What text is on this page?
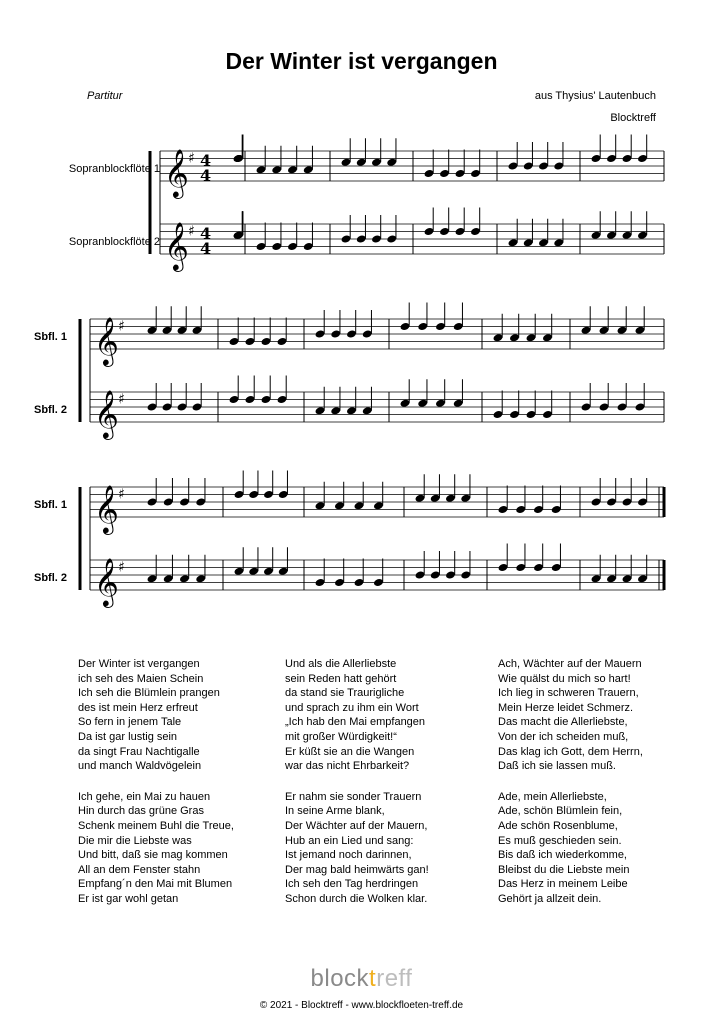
Der Winter ist vergangen
Partitur	aus Thysius' Lautenbuch
Blocktreff
Sopranblockflöte 1
Sopranblockflöte 2
Sbfl. 1
Sbfl. 2
Sbfl. 1
Sbfl. 2
𝄞 ♯ 4
4
𝄞 ♯ 4
4
𝄞 ♯
𝄞 ♯
𝄞 ♯
𝄞 ♯
Der Winter ist vergangen
ich seh des Maien Schein
Ich seh die Blümlein prangen
des ist mein Herz erfreut
So fern in jenem Tale
Da ist gar lustig sein
da singt Frau Nachtigalle
und manch Waldvögelein
Ich gehe, ein Mai zu hauen
Hin durch das grüne Gras
Schenk meinem Buhl die Treue,
Die mir die Liebste was
Und bitt, daß sie mag kommen
All an dem Fenster stahn
Empfang´n den Mai mit Blumen
Er ist gar wohl getan
Und als die Allerliebste
sein Reden hatt gehört
da stand sie Traurigliche
und sprach zu ihm ein Wort
„Ich hab den Mai empfangen
mit großer Würdigkeit!“
Er küßt sie an die Wangen
war das nicht Ehrbarkeit?
Er nahm sie sonder Trauern
In seine Arme blank,
Der Wächter auf der Mauern,
Hub an ein Lied und sang:
Ist jemand noch darinnen,
Der mag bald heimwärts gan!
Ich seh den Tag herdringen
Schon durch die Wolken klar.
Ach, Wächter auf der Mauern
Wie quälst du mich so hart!
Ich lieg in schweren Trauern,
Mein Herze leidet Schmerz.
Das macht die Allerliebste,
Von der ich scheiden muß,
Das klag ich Gott, dem Herrn,
Daß ich sie lassen muß.
Ade, mein Allerliebste,
Ade, schön Blümlein fein,
Ade schön Rosenblume,
Es muß geschieden sein.
Bis daß ich wiederkomme,
Bleibst du die Liebste mein
Das Herz in meinem Leibe
Gehört ja allzeit dein.
blocktreff
© 2021 - Blocktreff - www.blockfloeten-treff.de
